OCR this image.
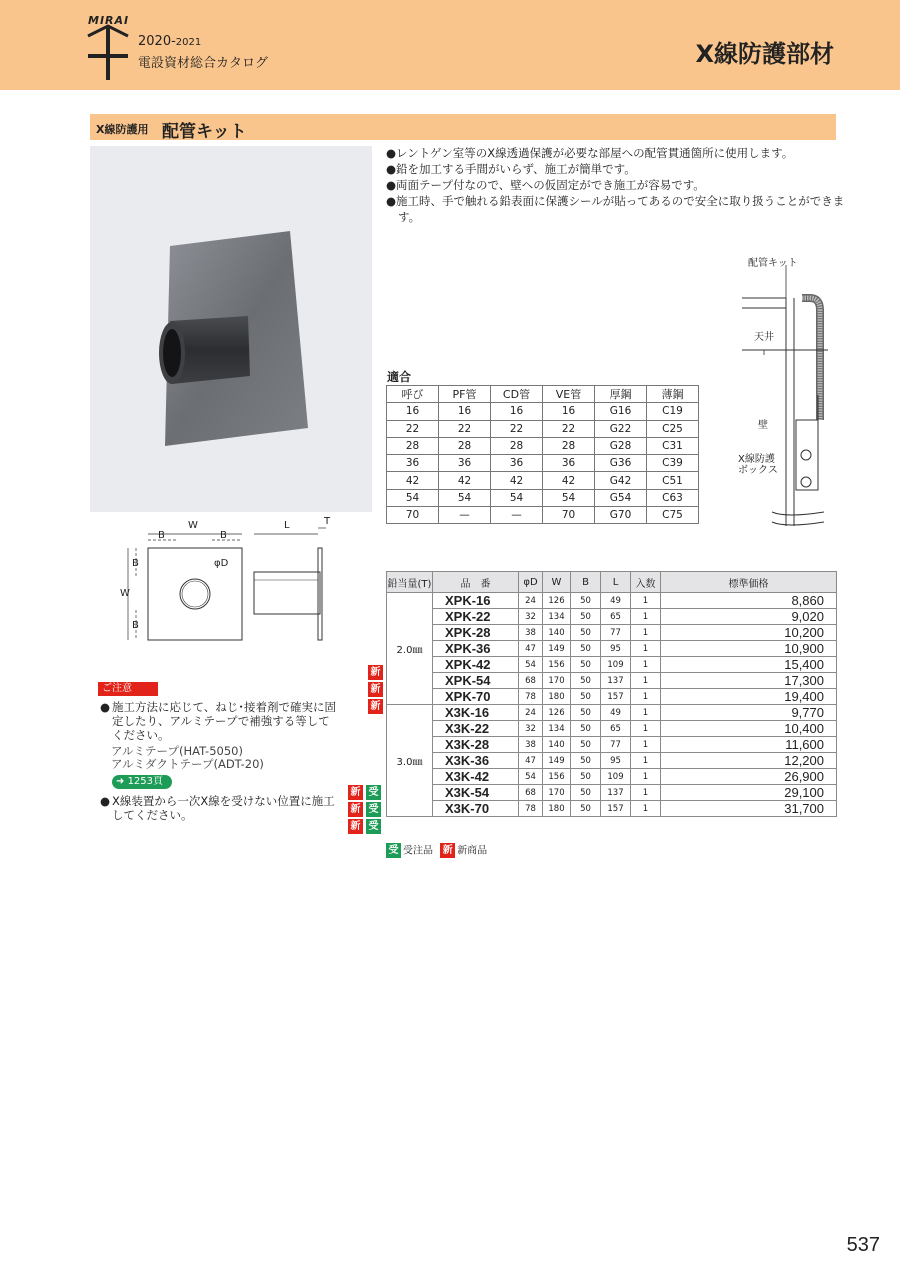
MIRAI
2020-2021
電設資材総合カタログ	X線防護部材
X線防護用 配管キット
●レントゲン室等のX線透過保護が必要な部屋への配管貫通箇所に使用します。
●鉛を加工する手間がいらず、施工が簡単です。
●両面テープ付なので、壁への仮固定ができ施工が容易です。
●施工時、手で触れる鉛表面に保護シールが貼ってあるので安全に取り扱うことができます。
適合
呼び	PF管	CD管	VE管	厚鋼	薄鋼
16	16	16	16	G16	C19
22	22	22	22	G22	C25
28	28	28	28	G28	C31
36	36	36	36	G36	C39
42	42	42	42	G42	C51
54	54	54	54	G54	C63
70	—	—	70	G70	C75
配管キット
天井
壁
X線防護
ボックス
W
B	B
W
B
B
φD
L	T
ご注意
● 施工方法に応じて、ねじ･接着剤で確実に固定したり、アルミテープで補強する等してください。
アルミテープ(HAT-5050)
アルミダクトテープ(ADT-20)
➜ 1253頁
● X線装置から一次X線を受けない位置に施工してください。
新
新
新
新 受
新 受
新 受
鉛当量(T)	品　番	φD	W	B	L	入数	標準価格
2.0㎜	XPK-16	24	126	50	49	1	8,860
	XPK-22	32	134	50	65	1	9,020
	XPK-28	38	140	50	77	1	10,200
	XPK-36	47	149	50	95	1	10,900
	XPK-42	54	156	50	109	1	15,400
	XPK-54	68	170	50	137	1	17,300
	XPK-70	78	180	50	157	1	19,400
3.0㎜	X3K-16	24	126	50	49	1	9,770
	X3K-22	32	134	50	65	1	10,400
	X3K-28	38	140	50	77	1	11,600
	X3K-36	47	149	50	95	1	12,200
	X3K-42	54	156	50	109	1	26,900
	X3K-54	68	170	50	137	1	29,100
	X3K-70	78	180	50	157	1	31,700
受 受注品 新 新商品
537
